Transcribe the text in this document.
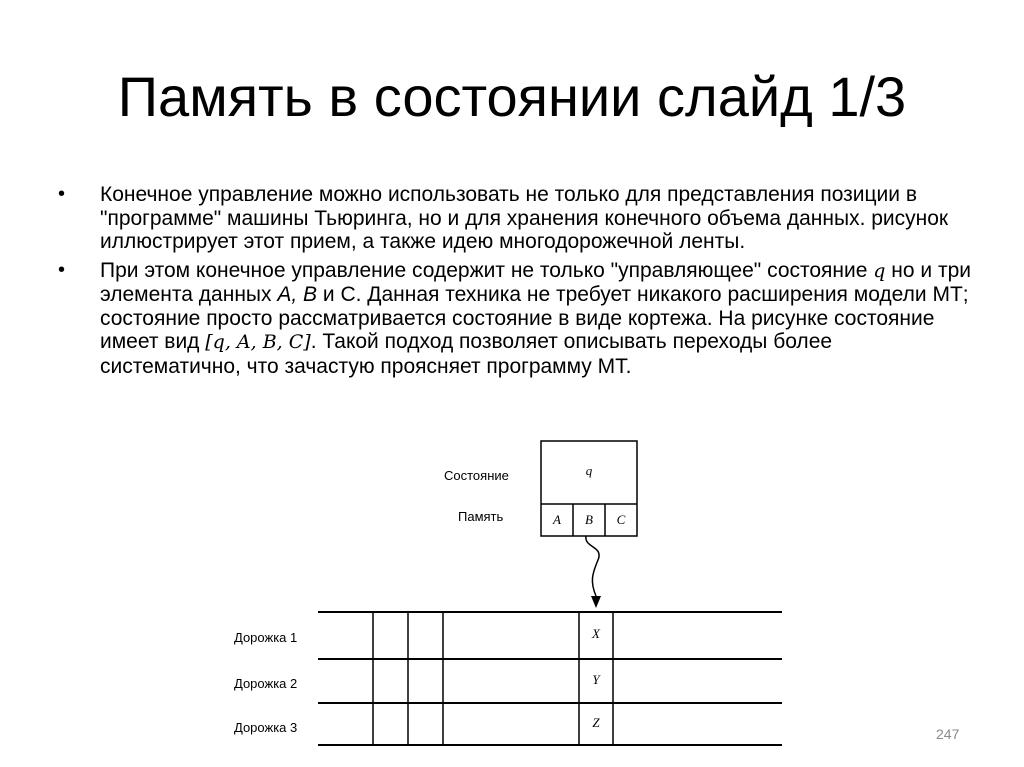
Память в состоянии слайд 1/3
• Конечное управление можно использовать не только для представления позиции в "программе" машины Тьюринга, но и для хранения конечного объема данных. рисунок иллюстрирует этот прием, а также идею многодорожечной ленты.
• При этом конечное управление содержит не только "управляющее" состояние q но и три элемента данных A, B и С. Данная техника не требует никакого расширения модели МТ; состояние просто рассматривается состояние в виде кортежа. На рисунке состояние имеет вид [q, A, B, C]. Такой подход позволяет описывать переходы более систематично, что зачастую проясняет программу МТ.
Состояние
Память
q
A B C
Дорожка 1
Дорожка 2
Дорожка 3
X
Y
Z
247
